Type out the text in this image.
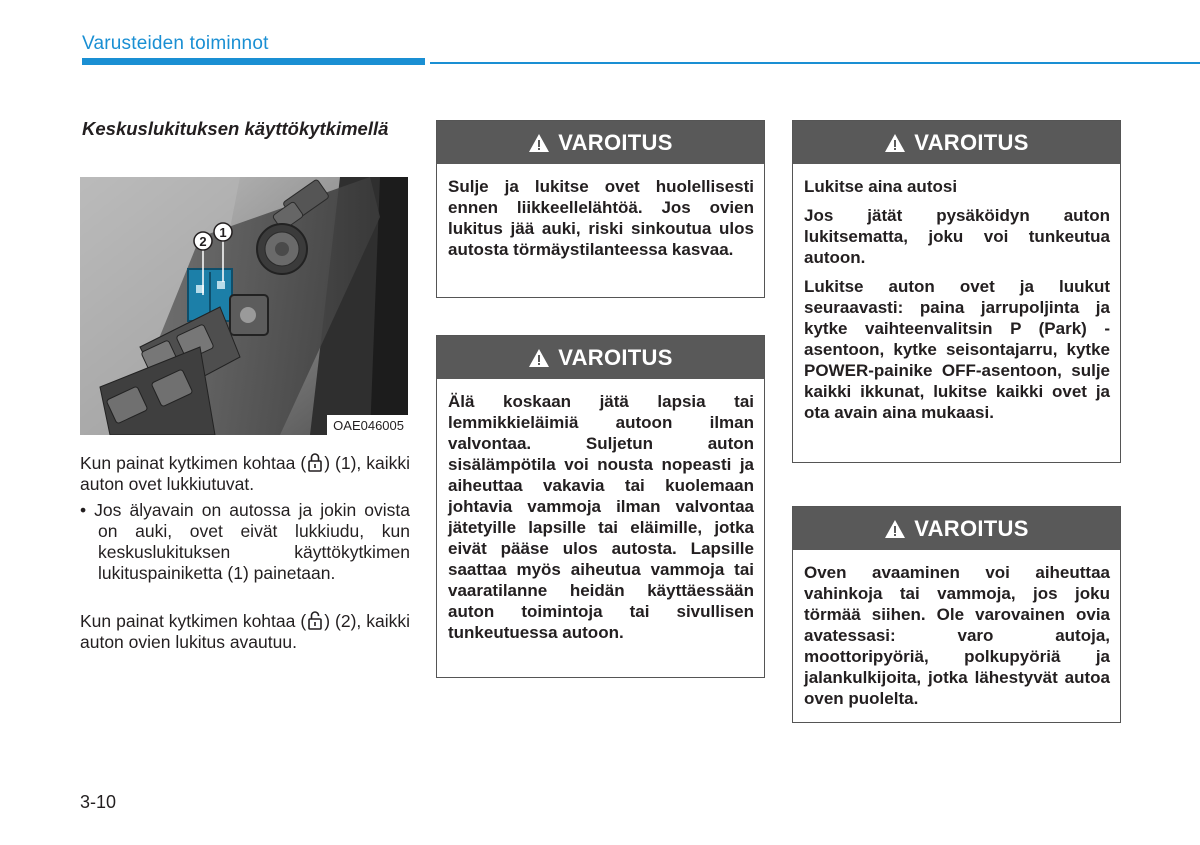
Varusteiden toiminnot
Keskuslukituksen käyttökytkimellä
1
2
OAE046005
Kun painat kytkimen kohtaa ( ) (1), kaikki auton ovet lukkiutuvat.
• Jos älyavain on autossa ja jokin ovista on auki, ovet eivät lukkiudu, kun keskuslukituksen käyttökytkimen lukituspainiketta (1) painetaan.
Kun painat kytkimen kohtaa ( ) (2), kaikki auton ovien lukitus avautuu.
VAROITUS

Sulje ja lukitse ovet huolellisesti ennen liikkeellelähtöä. Jos ovien lukitus jää auki, riski sinkoutua ulos autosta törmäystilanteessa kasvaa.

VAROITUS

Älä koskaan jätä lapsia tai lemmikkieläimiä autoon ilman valvontaa. Suljetun auton sisälämpötila voi nousta nopeasti ja aiheuttaa vakavia tai kuolemaan johtavia vammoja ilman valvontaa jätetyille lapsille tai eläimille, jotka eivät pääse ulos autosta. Lapsille saattaa myös aiheutua vammoja tai vaaratilanne heidän käyttäessään auton toimintoja tai sivullisen tunkeutuessa autoon.

VAROITUS

Lukitse aina autosi

Jos jätät pysäköidyn auton lukitsematta, joku voi tunkeutua autoon.

Lukitse auton ovet ja luukut seuraavasti: paina jarrupoljinta ja kytke vaihteenvalitsin P (Park) -asentoon, kytke seisontajarru, kytke POWER-painike OFF-asentoon, sulje kaikki ikkunat, lukitse kaikki ovet ja ota avain aina mukaasi.

VAROITUS

Oven avaaminen voi aiheuttaa vahinkoja tai vammoja, jos joku törmää siihen. Ole varovainen ovia avatessasi: varo autoja, moottoripyöriä, polkupyöriä ja jalankulkijoita, jotka lähestyvät autoa oven puolelta.

3-10
